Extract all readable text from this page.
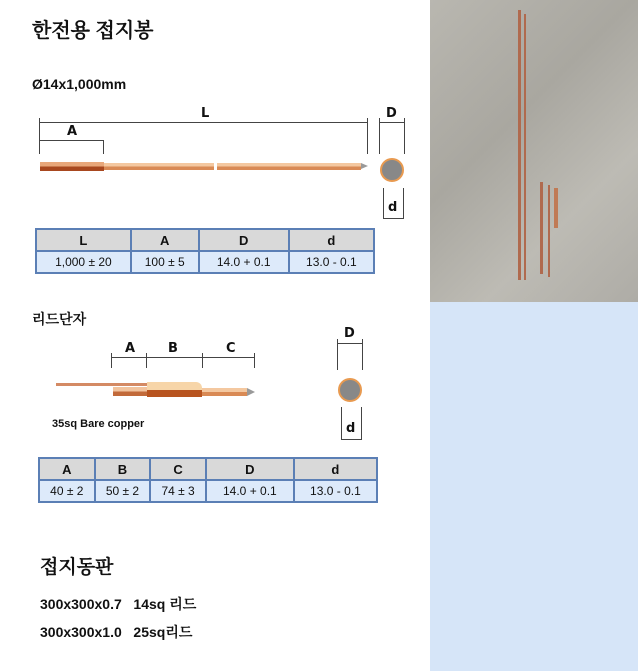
한전용 접지봉
Ø14x1,000mm
L
A
D
d
L	A	D	d
1,000 ± 20	100 ± 5	14.0 + 0.1	13.0 - 0.1
리드단자
A	B	C
35sq Bare copper
D
d
A	B	C	D	d
40 ± 2	50 ± 2	74 ± 3	14.0 + 0.1	13.0 - 0.1
접지동판
300x300x0.7   14sq 리드
300x300x1.0   25sq리드
